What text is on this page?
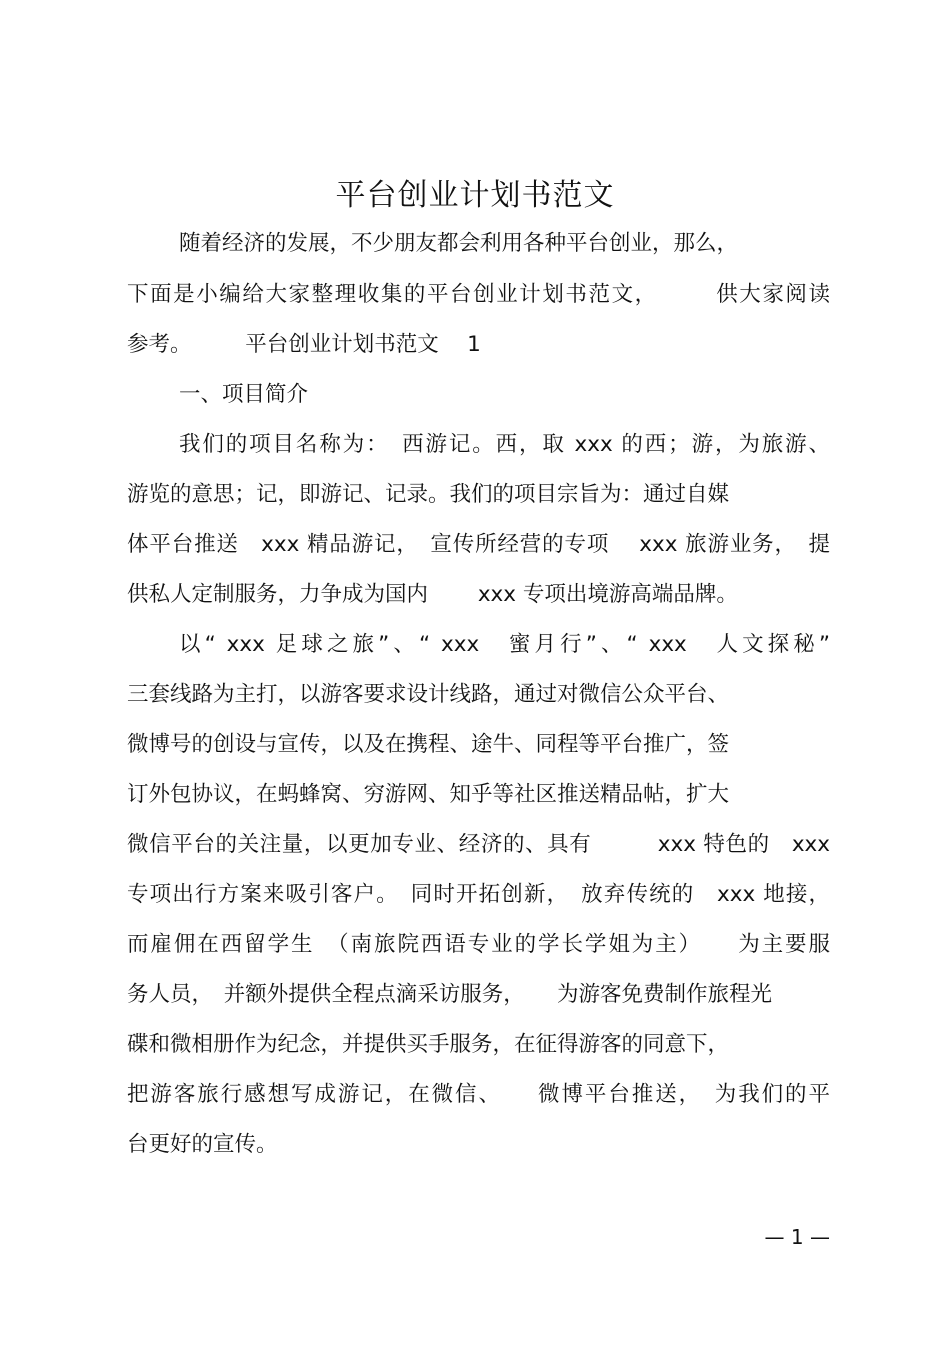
平台创业计划书范文
随着经济的发展，不少朋友都会利用各种平台创业，那么，
下面是小编给大家整理收集的平台创业计划书范文，　　　供大家阅读
参考。　　　平台创业计划书范文　 1
一、项目简介
我们的项目名称为：　西游记。西，取 xxx 的西；游，为旅游、
游览的意思；记，即游记、记录。我们的项目宗旨为：通过自媒
体平台推送　xxx 精品游记，　宣传所经营的专项　 xxx 旅游业务，　提
供私人定制服务，力争成为国内　　 xxx 专项出境游高端品牌。
以“ xxx 足球之旅”、“ xxx　蜜月行”、“ xxx　人文探秘”
三套线路为主打，以游客要求设计线路，通过对微信公众平台、
微博号的创设与宣传，以及在携程、途牛、同程等平台推广，签
订外包协议，在蚂蜂窝、穷游网、知乎等社区推送精品帖，扩大
微信平台的关注量，以更加专业、经济的、具有　　　xxx 特色的　xxx
专项出行方案来吸引客户。　同时开拓创新，　放弃传统的　xxx 地接，
而雇佣在西留学生　（南旅院西语专业的学长学姐为主）　　为主要服
务人员，　并额外提供全程点滴采访服务，　　为游客免费制作旅程光
碟和微相册作为纪念，并提供买手服务，在征得游客的同意下，
把游客旅行感想写成游记，在微信、　　微博平台推送，　为我们的平
台更好的宣传。
— 1 —
